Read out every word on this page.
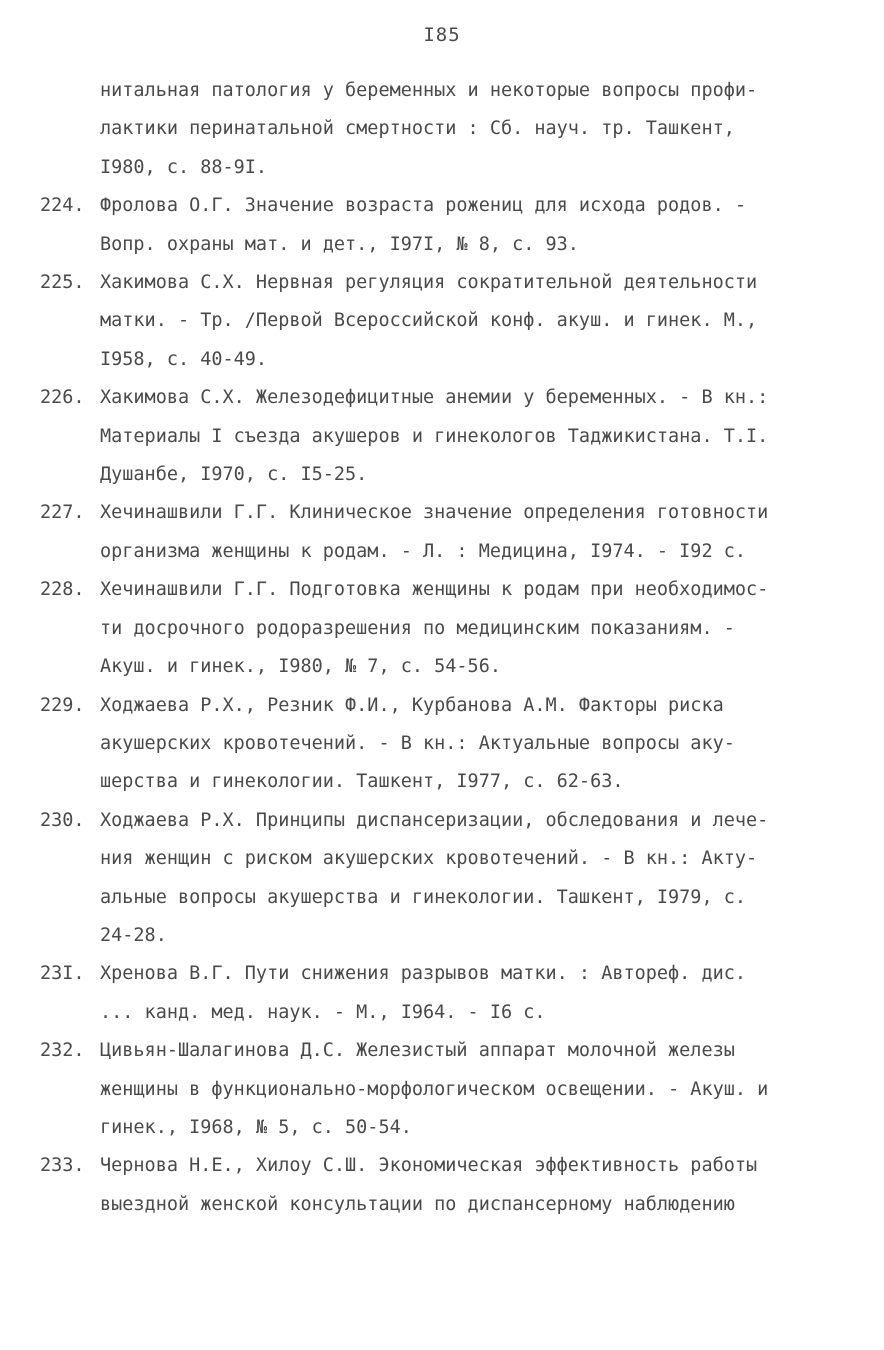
I85
нитальная патология у беременных и некоторые вопросы профи-
лактики перинатальной смертности : Сб. науч. тр. Ташкент,
I980, с. 88-9I.
224. Фролова О.Г. Значение возраста рожениц для исхода родов. -
Вопр. охраны мат. и дет., I97I, № 8, с. 93.
225. Хакимова С.Х. Нервная регуляция сократительной деятельности
матки. - Тр. /Первой Всероссийской конф. акуш. и гинек. М.,
I958, с. 40-49.
226. Хакимова С.Х. Железодефицитные анемии у беременных. - В кн.:
Материалы I съезда акушеров и гинекологов Таджикистана. Т.I.
Душанбе, I970, с. I5-25.
227. Хечинашвили Г.Г. Клиническое значение определения готовности
организма женщины к родам. - Л. : Медицина, I974. - I92 с.
228. Хечинашвили Г.Г. Подготовка женщины к родам при необходимос-
ти досрочного родоразрешения по медицинским показаниям. -
Акуш. и гинек., I980, № 7, с. 54-56.
229. Ходжаева Р.Х., Резник Ф.И., Курбанова А.М. Факторы риска
акушерских кровотечений. - В кн.: Актуальные вопросы аку-
шерства и гинекологии. Ташкент, I977, с. 62-63.
230. Ходжаева Р.Х. Принципы диспансеризации, обследования и лече-
ния женщин с риском акушерских кровотечений. - В кн.: Акту-
альные вопросы акушерства и гинекологии. Ташкент, I979, с.
24-28.
23I. Хренова В.Г. Пути снижения разрывов матки. : Автореф. дис.
... канд. мед. наук. - М., I964. - I6 с.
232. Цивьян-Шалагинова Д.С. Железистый аппарат молочной железы
женщины в функционально-морфологическом освещении. - Акуш. и
гинек., I968, № 5, с. 50-54.
233. Чернова Н.Е., Хилоу С.Ш. Экономическая эффективность работы
выездной женской консультации по диспансерному наблюдению
